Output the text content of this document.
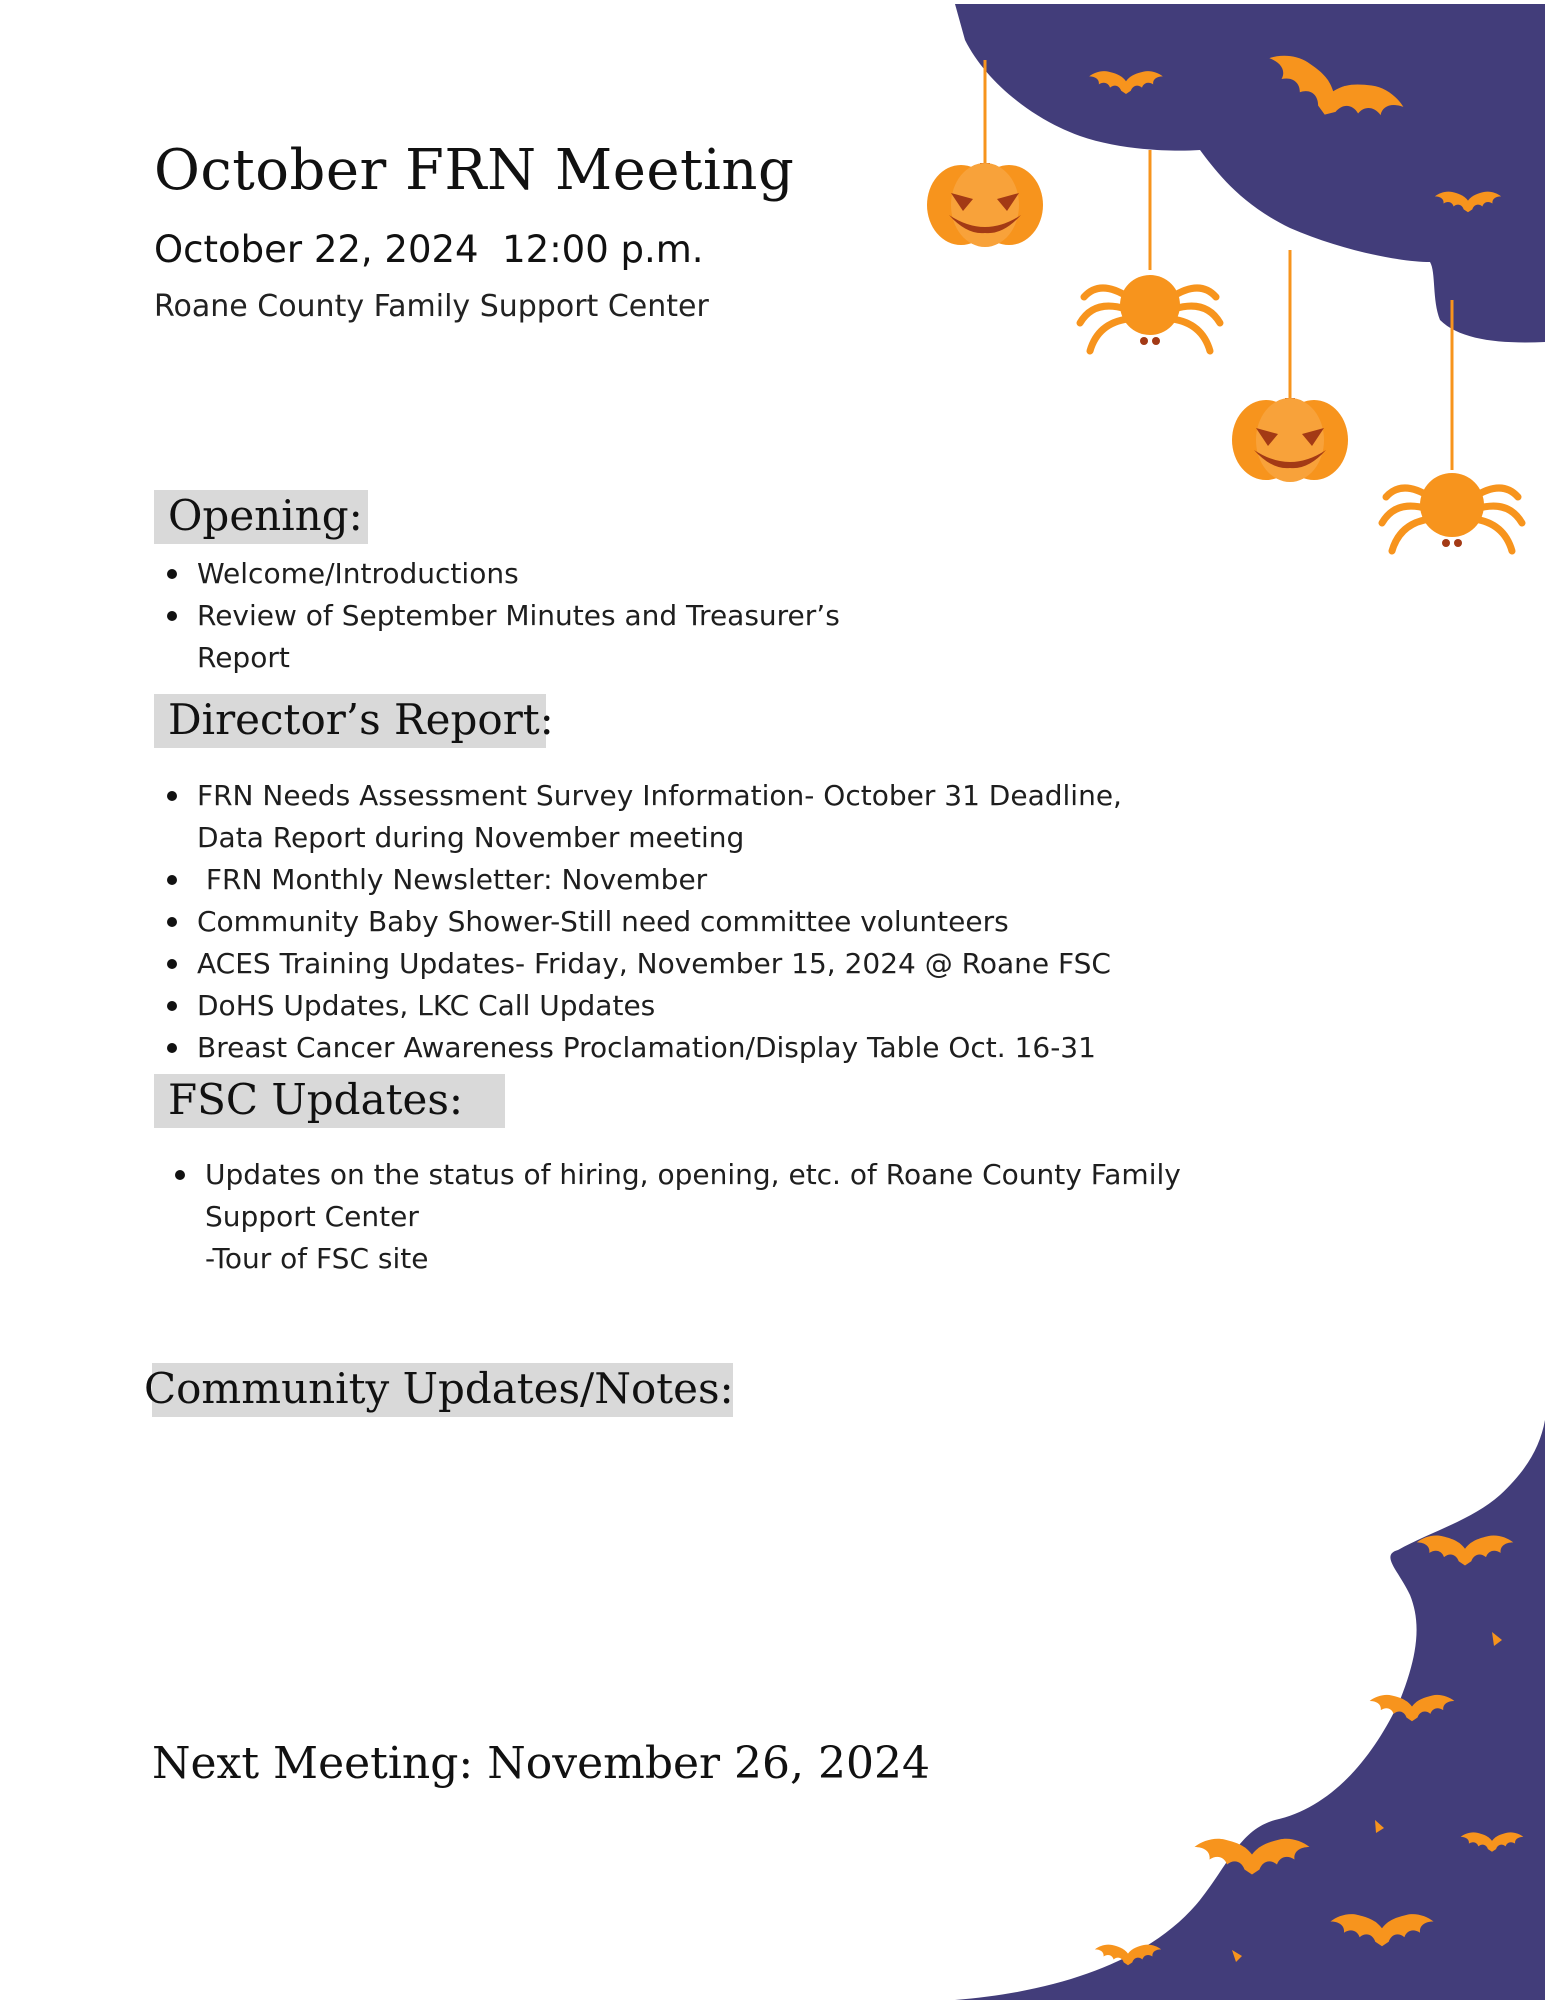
October FRN Meeting
October 22, 2024  12:00 p.m.
Roane County Family Support Center
Opening:
Welcome/Introductions
Review of September Minutes and Treasurer’s
Report
Director’s Report:
FRN Needs Assessment Survey Information- October 31 Deadline,
Data Report during November meeting
FRN Monthly Newsletter: November
Community Baby Shower-Still need committee volunteers
ACES Training Updates- Friday, November 15, 2024 @ Roane FSC
DoHS Updates, LKC Call Updates
Breast Cancer Awareness Proclamation/Display Table Oct. 16-31
FSC Updates:
Updates on the status of hiring, opening, etc. of Roane County Family
Support Center
-Tour of FSC site
Community Updates/Notes:
Next Meeting: November 26, 2024
